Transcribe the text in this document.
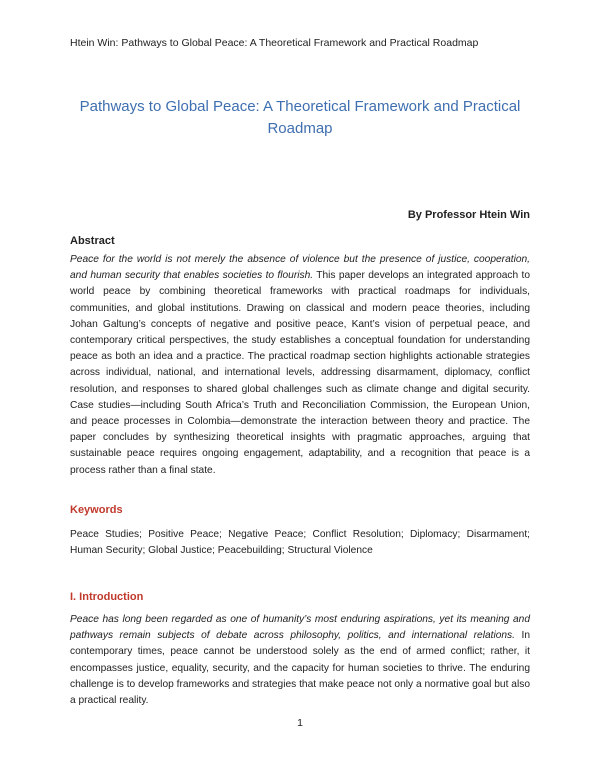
Htein Win: Pathways to Global Peace: A Theoretical Framework and Practical Roadmap
Pathways to Global Peace: A Theoretical Framework and Practical Roadmap
By Professor Htein Win
Abstract

Peace for the world is not merely the absence of violence but the presence of justice, cooperation, and human security that enables societies to flourish. This paper develops an integrated approach to world peace by combining theoretical frameworks with practical roadmaps for individuals, communities, and global institutions. Drawing on classical and modern peace theories, including Johan Galtung’s concepts of negative and positive peace, Kant’s vision of perpetual peace, and contemporary critical perspectives, the study establishes a conceptual foundation for understanding peace as both an idea and a practice. The practical roadmap section highlights actionable strategies across individual, national, and international levels, addressing disarmament, diplomacy, conflict resolution, and responses to shared global challenges such as climate change and digital security. Case studies—including South Africa’s Truth and Reconciliation Commission, the European Union, and peace processes in Colombia—demonstrate the interaction between theory and practice. The paper concludes by synthesizing theoretical insights with pragmatic approaches, arguing that sustainable peace requires ongoing engagement, adaptability, and a recognition that peace is a process rather than a final state.

Keywords

Peace Studies; Positive Peace; Negative Peace; Conflict Resolution; Diplomacy; Disarmament; Human Security; Global Justice; Peacebuilding; Structural Violence

I. Introduction

Peace has long been regarded as one of humanity’s most enduring aspirations, yet its meaning and pathways remain subjects of debate across philosophy, politics, and international relations. In contemporary times, peace cannot be understood solely as the end of armed conflict; rather, it encompasses justice, equality, security, and the capacity for human societies to thrive. The enduring challenge is to develop frameworks and strategies that make peace not only a normative goal but also a practical reality.

1
